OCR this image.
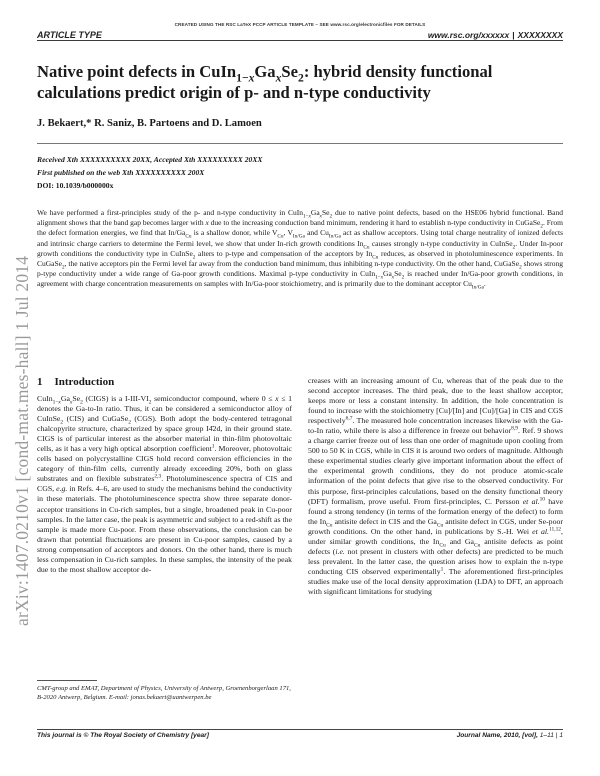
CREATED USING THE RSC LaTeX PCCP ARTICLE TEMPLATE – SEE www.rsc.org/electronicfiles FOR DETAILS
ARTICLE TYPE	www.rsc.org/xxxxxx | XXXXXXXX
Native point defects in $CuIn_{1-x}Ga_xSe_2$: hybrid density functional calculations predict origin of p- and n-type conductivity
J. Bekaert,* R. Saniz, B. Partoens and D. Lamoen
Received Xth XXXXXXXXXX 20XX, Accepted Xth XXXXXXXXX 20XX
First published on the web Xth XXXXXXXXXX 200X
DOI: 10.1039/b000000x
We have performed a first-principles study of the p- and n-type conductivity in $CuIn_{1-x}Ga_xSe_2$ due to native point defects, based on the HSE06 hybrid functional. Band alignment shows that the band gap becomes larger with x due to the increasing conduction band minimum, rendering it hard to establish n-type conductivity in CuGaSe$_2$. From the defect formation energies, we find that $In/Ga_{Cu}$ is a shallow donor, while $V_{Cu}$, $V_{In/Ga}$ and $Cu_{In/Ga}$ act as shallow acceptors. Using total charge neutrality of ionized defects and intrinsic charge carriers to determine the Fermi level, we show that under In-rich growth conditions $In_{Cu}$ causes strongly n-type conductivity in CuInSe$_2$. Under In-poor growth conditions the conductivity type in CuInSe$_2$ alters to p-type and compensation of the acceptors by $In_{Cu}$ reduces, as observed in photoluminescence experiments. In CuGaSe$_2$, the native acceptors pin the Fermi level far away from the conduction band minimum, thus inhibiting n-type conductivity. On the other hand, CuGaSe$_2$ shows strong p-type conductivity under a wide range of Ga-poor growth conditions. Maximal p-type conductivity in $CuIn_{1-x}Ga_xSe_2$ is reached under In/Ga-poor growth conditions, in agreement with charge concentration measurements on samples with In/Ga-poor stoichiometry, and is primarily due to the dominant acceptor $Cu_{In/Ga}$.
arXiv:1407.0210v1 [cond-mat.mes-hall] 1 Jul 2014 1 Introduction
$CuIn_{1-x}Ga_xSe_2$ (CIGS) is a $I-III-VI_2$ semiconductor compound, where 0 ≤ x ≤ 1 denotes the Ga-to-In ratio. Thus, it can be considered a semiconductor alloy of CuInSe$_2$ (CIS) and CuGaSe$_2$ (CGS). Both adopt the body-centered tetragonal chalcopyrite structure, characterized by space group I4̄2d, in their ground state. CIGS is of particular interest as the absorber material in thin-film photovoltaic cells, as it has a very high optical absorption coefficient$^1$. Moreover, photovoltaic cells based on polycrystalline CIGS hold record conversion efficiencies in the category of thin-film cells, currently already exceeding 20%, both on glass substrates and on flexible substrates$^{2,3}$. Photoluminescence spectra of CIS and CGS, e.g. in Refs. 4–6, are used to study the mechanisms behind the conductivity in these materials. The photoluminescence spectra show three separate donor-acceptor transitions in Cu-rich samples, but a single, broadened peak in Cu-poor samples. In the latter case, the peak is asymmetric and subject to a red-shift as the sample is made more Cu-poor. From these observations, the conclusion can be drawn that potential fluctuations are present in Cu-poor samples, caused by a strong compensation of acceptors and donors. On the other hand, there is much less compensation in Cu-rich samples. In these samples, the intensity of the peak due to the most shallow acceptor de-
creases with an increasing amount of Cu, whereas that of the peak due to the second acceptor increases. The third peak, due to the least shallow acceptor, keeps more or less a constant intensity. In addition, the hole concentration is found to increase with the stoichiometry [Cu]/[In] and [Cu]/[Ga] in CIS and CGS respectively$^{6,7}$. The measured hole concentration increases likewise with the Ga-to-In ratio, while there is also a difference in freeze out behavior$^{8,9}$. Ref. 9 shows a charge carrier freeze out of less than one order of magnitude upon cooling from 500 to 50 K in CGS, while in CIS it is around two orders of magnitude. Although these experimental studies clearly give important information about the effect of the experimental growth conditions, they do not produce atomic-scale information of the point defects that give rise to the observed conductivity. For this purpose, first-principles calculations, based on the density functional theory (DFT) formalism, prove useful. From first-principles, C. Persson et al.$^{10}$ have found a strong tendency (in terms of the formation energy of the defect) to form the $In_{Cu}$ antisite defect in CIS and the $Ga_{Cu}$ antisite defect in CGS, under Se-poor growth conditions. On the other hand, in publications by S.-H. Wei et al.$^{11,12}$, under similar growth conditions, the $In_{Cu}$ and $Ga_{Cu}$ antisite defects as point defects (i.e. not present in clusters with other defects) are predicted to be much less prevalent. In the latter case, the question arises how to explain the n-type conducting CIS observed experimentally$^1$. The aforementioned first-principles studies make use of the local density approximation (LDA) to DFT, an approach with significant limitations for studying
CMT-group and EMAT, Department of Physics, University of Antwerp, Groenenborgerlaan 171, B-2020 Antwerp, Belgium. E-mail: jonas.bekaert@uantwerpen.be
This journal is © The Royal Society of Chemistry [year]	Journal Name, 2010, [vol], 1–11 | 1
